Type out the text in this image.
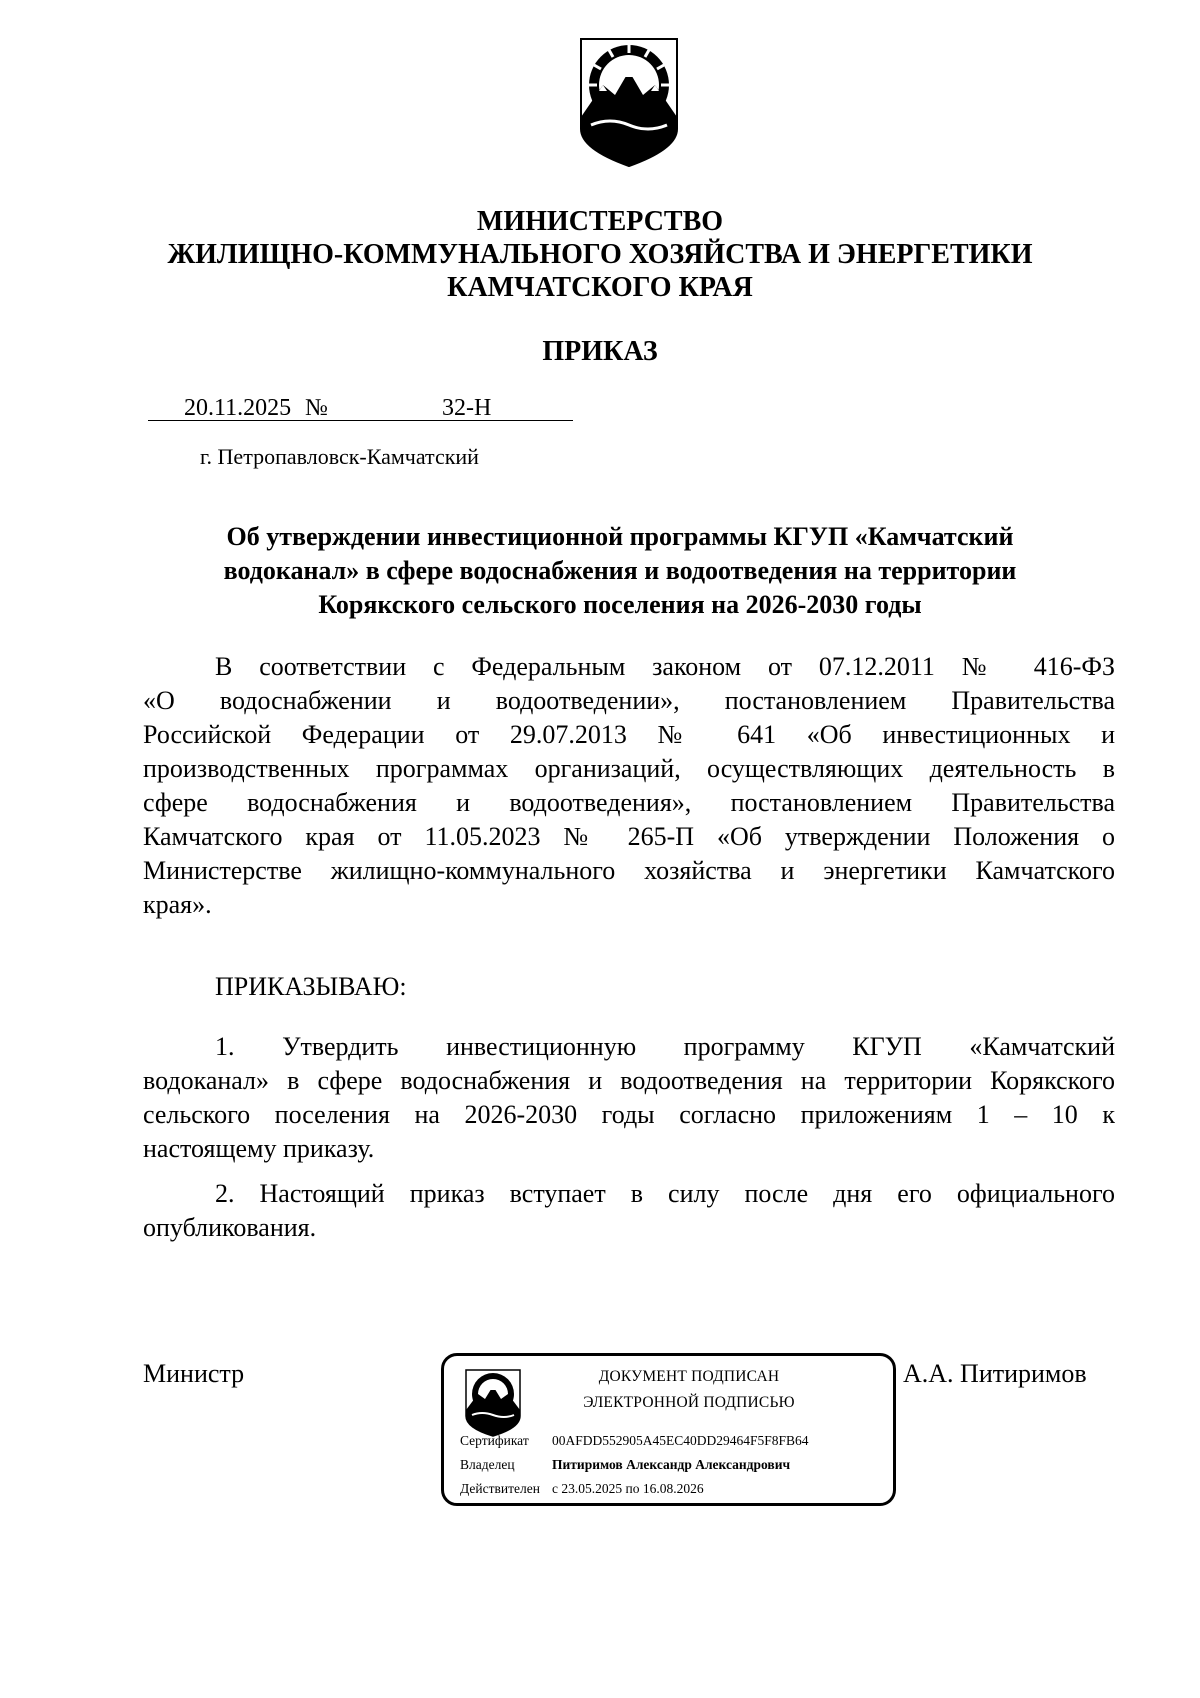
МИНИСТЕРСТВО
ЖИЛИЩНО-КОММУНАЛЬНОГО ХОЗЯЙСТВА И ЭНЕРГЕТИКИ
КАМЧАТСКОГО КРАЯ
ПРИКАЗ
20.11.2025 №	32-Н
г. Петропавловск-Камчатский
Об утверждении инвестиционной программы КГУП «Камчатский
водоканал» в сфере водоснабжения и водоотведения на территории
Корякского сельского поселения на 2026-2030 годы
В соответствии с Федеральным законом от 07.12.2011 № 416-ФЗ
«О водоснабжении и водоотведении», постановлением Правительства
Российской Федерации от 29.07.2013 № 641 «Об инвестиционных и
производственных программах организаций, осуществляющих деятельность в
сфере водоснабжения и водоотведения», постановлением Правительства
Камчатского края от 11.05.2023 № 265-П «Об утверждении Положения о
Министерстве жилищно-коммунального хозяйства и энергетики Камчатского
края».
ПРИКАЗЫВАЮ:
1. Утвердить инвестиционную программу КГУП «Камчатский
водоканал» в сфере водоснабжения и водоотведения на территории Корякского
сельского поселения на 2026-2030 годы согласно приложениям 1 – 10 к
настоящему приказу.
2. Настоящий приказ вступает в силу после дня его официального
опубликования.
Министр	А.А. Питиримов
ДОКУМЕНТ ПОДПИСАН
ЭЛЕКТРОННОЙ ПОДПИСЬЮ
Сертификат 00AFDD552905A45EC40DD29464F5F8FB64
Владелец	Питиримов Александр Александрович
Действителен с 23.05.2025 по 16.08.2026
